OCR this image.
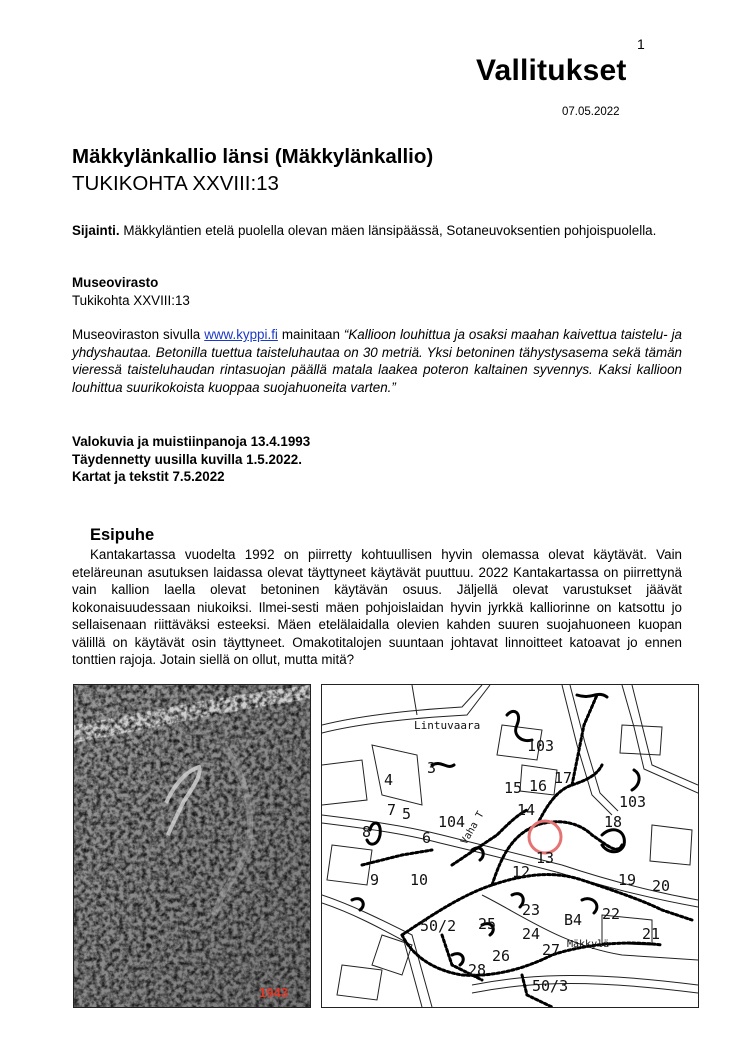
1
Vallitukset
07.05.2022
Mäkkylänkallio länsi (Mäkkylänkallio)
TUKIKOHTA XXVIII:13
Sijainti. Mäkkyläntien etelä puolella olevan mäen länsipäässä, Sotaneuvoksentien pohjoispuolella.
Museovirasto
Tukikohta XXVIII:13
Museoviraston sivulla www.kyppi.fi mainitaan “Kallioon louhittua ja osaksi maahan kaivettua taistelu- ja yhdyshautaa. Betonilla tuettua taisteluhautaa on 30 metriä. Yksi betoninen tähystysasema sekä tämän vieressä taisteluhaudan rintasuojan päällä matala laakea poteron kaltainen syvennys. Kaksi kallioon louhittua suurikokoista kuoppaa suojahuoneita varten.”
Valokuvia ja muistiinpanoja 13.4.1993
Täydennetty uusilla kuvilla 1.5.2022.
Kartat ja tekstit 7.5.2022
Esipuhe
Kantakartassa vuodelta 1992 on piirretty kohtuullisen hyvin olemassa olevat käytävät. Vain eteläreunan asutuksen laidassa olevat täyttyneet käytävät puuttuu. 2022 Kantakartassa on piirrettynä vain kallion laella olevat betoninen käytävän osuus. Jäljellä olevat varustukset jäävät kokonaisuudessaan niukoiksi. Ilmei-sesti mäen pohjoislaidan hyvin jyrkkä kalliorinne on katsottu jo sellaisenaan riittäväksi esteeksi. Mäen etelälaidalla olevien kahden suuren suojahuoneen kuopan välillä on käytävät osin täyttyneet. Omakotitalojen suuntaan johtavat linnoitteet katoavat jo ennen tonttien rajoja. Jotain siellä on ollut, mutta mitä?
1943
Lintuvaara
103
3
4	17
15 16
103
14
7 5 104	18
8	6
13
9 10	12	19 20
23	22
50/2 25	B4
24	21
26 27 Mäkkylä
28
50/3
Vaha T
